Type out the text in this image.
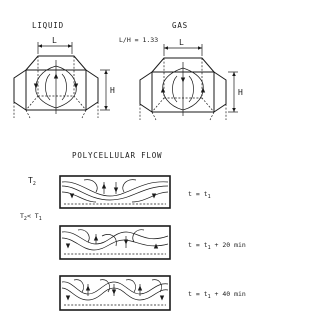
LIQUID
L
H
L/H = 1.33
GAS
L
H
POLYCELLULAR FLOW
$T_2$
$T_2< T_1$
$t = t_1$
$t = t_1 + 20$ min
$t = t_1 + 40$ min
